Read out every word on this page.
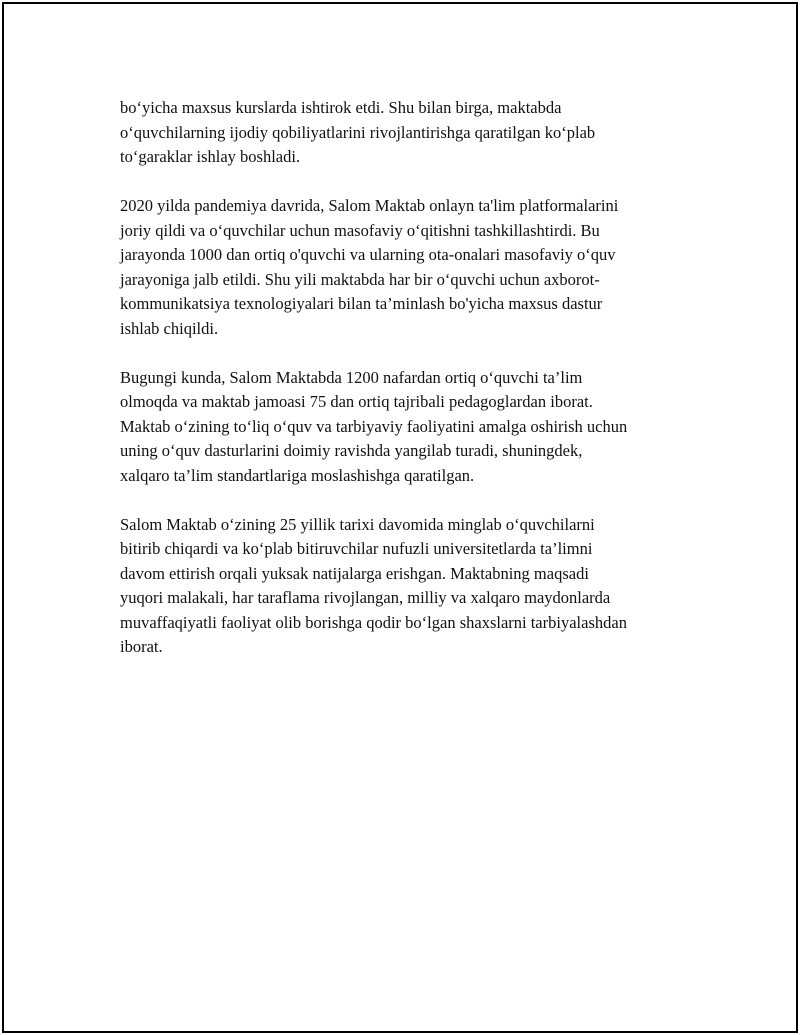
bo‘yicha maxsus kurslarda ishtirok etdi. Shu bilan birga, maktabda
o‘quvchilarning ijodiy qobiliyatlarini rivojlantirishga qaratilgan ko‘plab
to‘garaklar ishlay boshladi.

2020 yilda pandemiya davrida, Salom Maktab onlayn ta'lim platformalarini
joriy qildi va o‘quvchilar uchun masofaviy o‘qitishni tashkillashtirdi. Bu
jarayonda 1000 dan ortiq o'quvchi va ularning ota-onalari masofaviy o‘quv
jarayoniga jalb etildi. Shu yili maktabda har bir o‘quvchi uchun axborot-
kommunikatsiya texnologiyalari bilan ta’minlash bo'yicha maxsus dastur
ishlab chiqildi.

Bugungi kunda, Salom Maktabda 1200 nafardan ortiq o‘quvchi ta’lim
olmoqda va maktab jamoasi 75 dan ortiq tajribali pedagoglardan iborat.
Maktab o‘zining to‘liq o‘quv va tarbiyaviy faoliyatini amalga oshirish uchun
uning o‘quv dasturlarini doimiy ravishda yangilab turadi, shuningdek,
xalqaro ta’lim standartlariga moslashishga qaratilgan.

Salom Maktab o‘zining 25 yillik tarixi davomida minglab o‘quvchilarni
bitirib chiqardi va ko‘plab bitiruvchilar nufuzli universitetlarda ta’limni
davom ettirish orqali yuksak natijalarga erishgan. Maktabning maqsadi
yuqori malakali, har taraflama rivojlangan, milliy va xalqaro maydonlarda
muvaffaqiyatli faoliyat olib borishga qodir bo‘lgan shaxslarni tarbiyalashdan
iborat.
